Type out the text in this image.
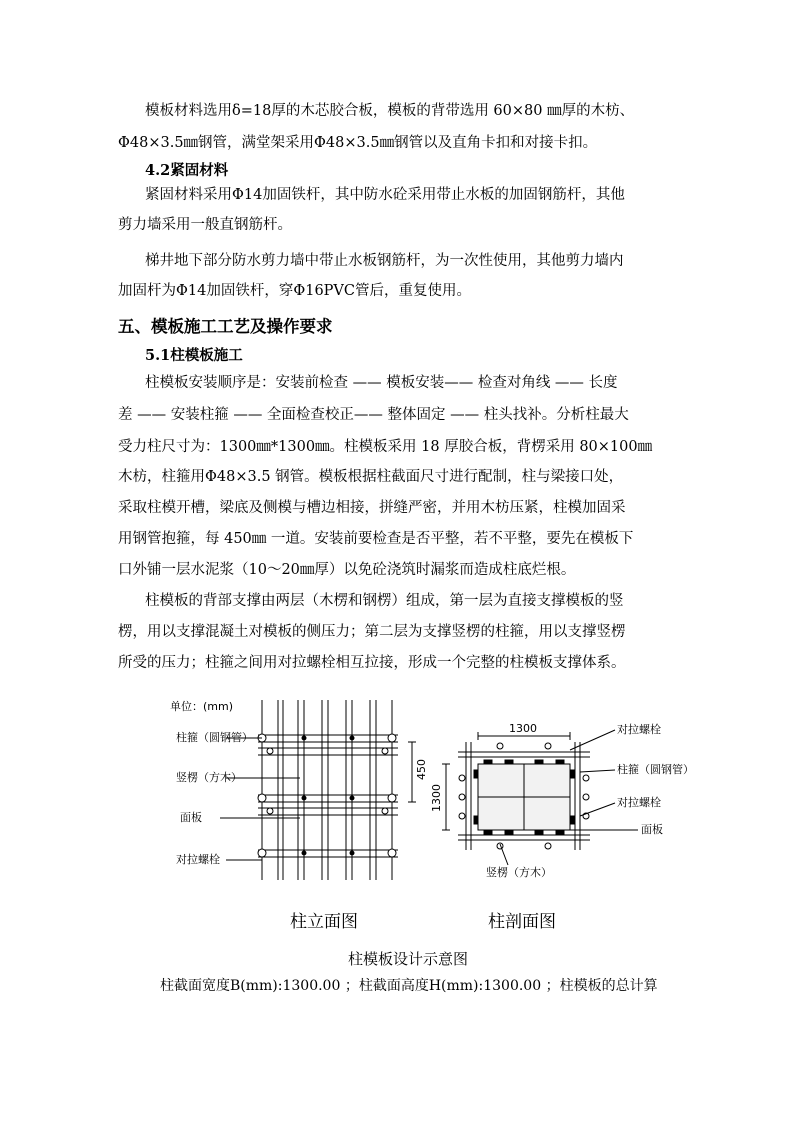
模板材料选用δ=18厚的木芯胶合板，模板的背带选用 60×80 ㎜厚的木枋、
Φ48×3.5㎜钢管，满堂架采用Φ48×3.5㎜钢管以及直角卡扣和对接卡扣。
4.2紧固材料
紧固材料采用Φ14加固铁杆，其中防水砼采用带止水板的加固钢筋杆，其他
剪力墙采用一般直钢筋杆。
梯井地下部分防水剪力墙中带止水板钢筋杆，为一次性使用，其他剪力墙内
加固杆为Φ14加固铁杆，穿Φ16PVC管后，重复使用。
五、模板施工工艺及操作要求
5.1柱模板施工
柱模板安装顺序是：安装前检查 —— 模板安装—— 检查对角线 —— 长度
差 —— 安装柱箍 —— 全面检查校正—— 整体固定 —— 柱头找补。分析柱最大
受力柱尺寸为：1300㎜*1300㎜。柱模板采用 18 厚胶合板，背楞采用 80×100㎜
木枋，柱箍用Φ48×3.5 钢管。模板根据柱截面尺寸进行配制，柱与梁接口处，
采取柱模开槽，梁底及侧模与槽边相接，拼缝严密，并用木枋压紧，柱模加固采
用钢管抱箍，每 450㎜ 一道。安装前要检查是否平整，若不平整，要先在模板下
口外铺一层水泥浆（10～20㎜厚）以免砼浇筑时漏浆而造成柱底烂根。
柱模板的背部支撑由两层（木楞和钢楞）组成，第一层为直接支撑模板的竖
楞，用以支撑混凝土对模板的侧压力；第二层为支撑竖楞的柱箍，用以支撑竖楞
所受的压力；柱箍之间用对拉螺栓相互拉接，形成一个完整的柱模板支撑体系。
单位：(mm)
柱箍（圆钢管）
竖楞（方木）
面板
对拉螺栓
450
柱立面图
1300
1300
对拉螺栓
柱箍（圆钢管）
对拉螺栓
面板
竖楞（方木）
柱剖面图
柱模板设计示意图
柱截面宽度B(mm):1300.00 ；柱截面高度H(mm):1300.00 ；柱模板的总计算
